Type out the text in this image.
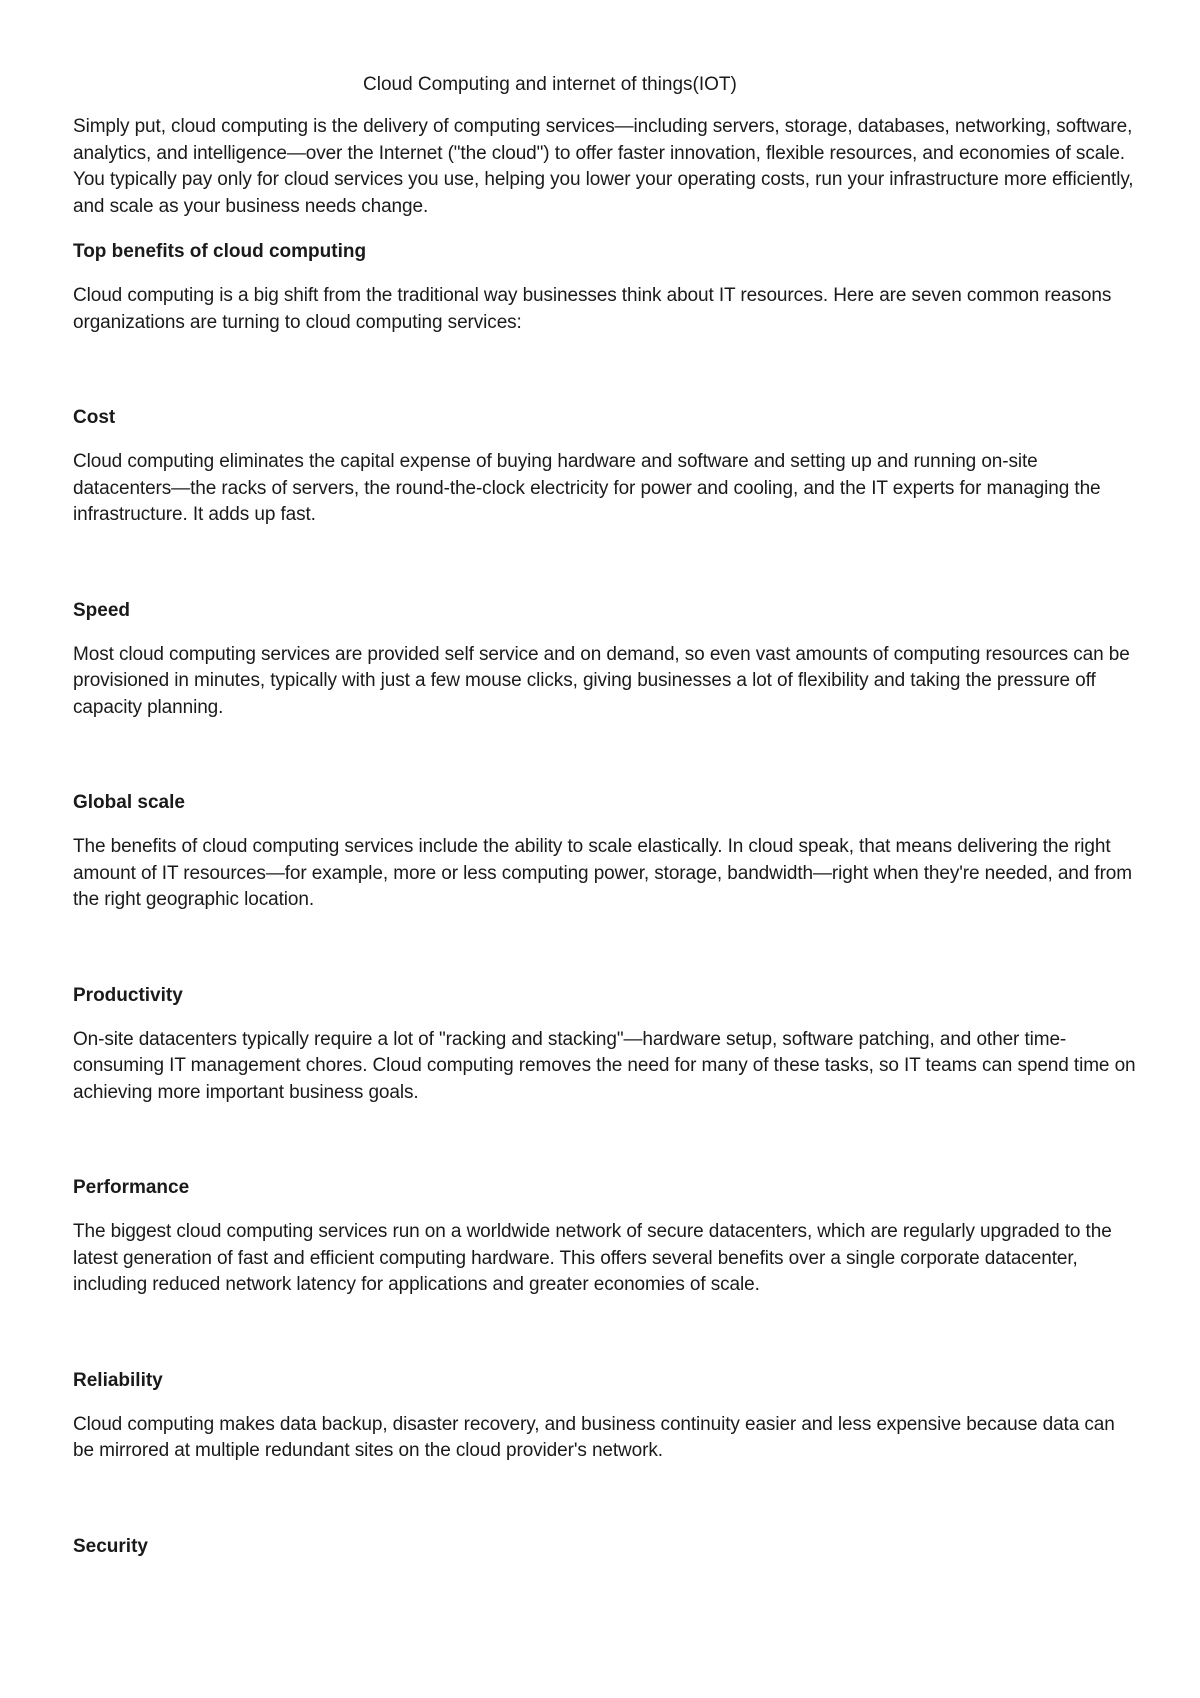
Cloud Computing and internet of things(IOT)

Simply put, cloud computing is the delivery of computing services—including servers, storage, databases, networking, software, analytics, and intelligence—over the Internet ("the cloud") to offer faster innovation, flexible resources, and economies of scale. You typically pay only for cloud services you use, helping you lower your operating costs, run your infrastructure more efficiently, and scale as your business needs change.

Top benefits of cloud computing

Cloud computing is a big shift from the traditional way businesses think about IT resources. Here are seven common reasons organizations are turning to cloud computing services:

Cost

Cloud computing eliminates the capital expense of buying hardware and software and setting up and running on-site datacenters—the racks of servers, the round-the-clock electricity for power and cooling, and the IT experts for managing the infrastructure. It adds up fast.

Speed

Most cloud computing services are provided self service and on demand, so even vast amounts of computing resources can be provisioned in minutes, typically with just a few mouse clicks, giving businesses a lot of flexibility and taking the pressure off capacity planning.

Global scale

The benefits of cloud computing services include the ability to scale elastically. In cloud speak, that means delivering the right amount of IT resources—for example, more or less computing power, storage, bandwidth—right when they're needed, and from the right geographic location.

Productivity

On-site datacenters typically require a lot of "racking and stacking"—hardware setup, software patching, and other time-consuming IT management chores. Cloud computing removes the need for many of these tasks, so IT teams can spend time on achieving more important business goals.

Performance

The biggest cloud computing services run on a worldwide network of secure datacenters, which are regularly upgraded to the latest generation of fast and efficient computing hardware. This offers several benefits over a single corporate datacenter, including reduced network latency for applications and greater economies of scale.

Reliability

Cloud computing makes data backup, disaster recovery, and business continuity easier and less expensive because data can be mirrored at multiple redundant sites on the cloud provider's network.

Security
